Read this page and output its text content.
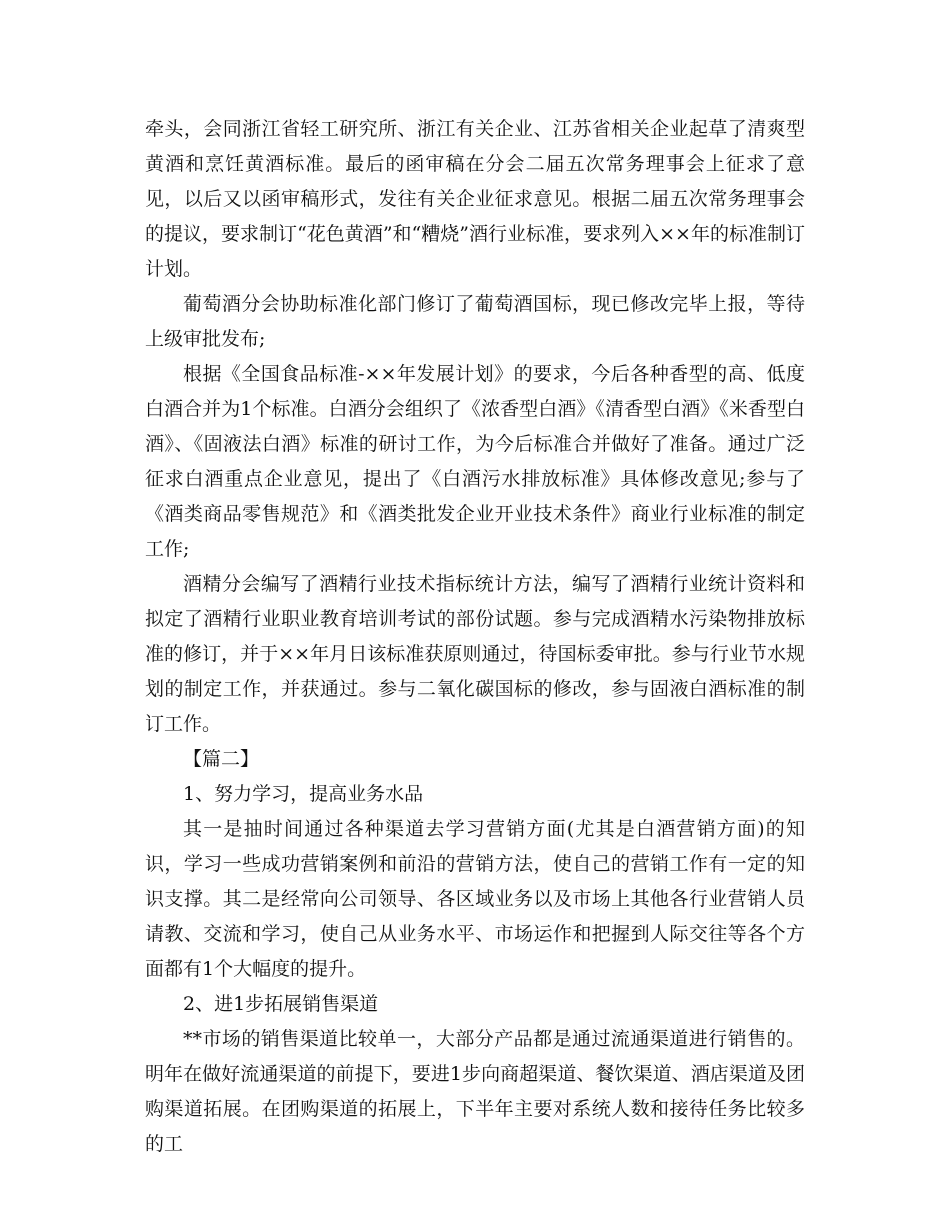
牵头，会同浙江省轻工研究所、浙江有关企业、江苏省相关企业起草了清爽型黄酒和烹饪黄酒标准。最后的函审稿在分会二届五次常务理事会上征求了意见，以后又以函审稿形式，发往有关企业征求意见。根据二届五次常务理事会的提议，要求制订“花色黄酒”和“糟烧”酒行业标准，要求列入××年的标准制订计划。

葡萄酒分会协助标准化部门修订了葡萄酒国标，现已修改完毕上报，等待上级审批发布;

根据《全国食品标准-××年发展计划》的要求，今后各种香型的高、低度白酒合并为1个标准。白酒分会组织了《浓香型白酒》《清香型白酒》《米香型白酒》、《固液法白酒》标准的研讨工作，为今后标准合并做好了准备。通过广泛征求白酒重点企业意见，提出了《白酒污水排放标准》具体修改意见;参与了《酒类商品零售规范》和《酒类批发企业开业技术条件》商业行业标准的制定工作;

酒精分会编写了酒精行业技术指标统计方法，编写了酒精行业统计资料和拟定了酒精行业职业教育培训考试的部份试题。参与完成酒精水污染物排放标准的修订，并于××年月日该标准获原则通过，待国标委审批。参与行业节水规划的制定工作，并获通过。参与二氧化碳国标的修改，参与固液白酒标准的制订工作。

【篇二】

1、努力学习，提高业务水品

其一是抽时间通过各种渠道去学习营销方面(尤其是白酒营销方面)的知识，学习一些成功营销案例和前沿的营销方法，使自己的营销工作有一定的知识支撑。其二是经常向公司领导、各区域业务以及市场上其他各行业营销人员请教、交流和学习，使自己从业务水平、市场运作和把握到人际交往等各个方面都有1个大幅度的提升。

2、进1步拓展销售渠道

**市场的销售渠道比较单一，大部分产品都是通过流通渠道进行销售的。明年在做好流通渠道的前提下，要进1步向商超渠道、餐饮渠道、酒店渠道及团购渠道拓展。在团购渠道的拓展上，下半年主要对系统人数和接待任务比较多的工
